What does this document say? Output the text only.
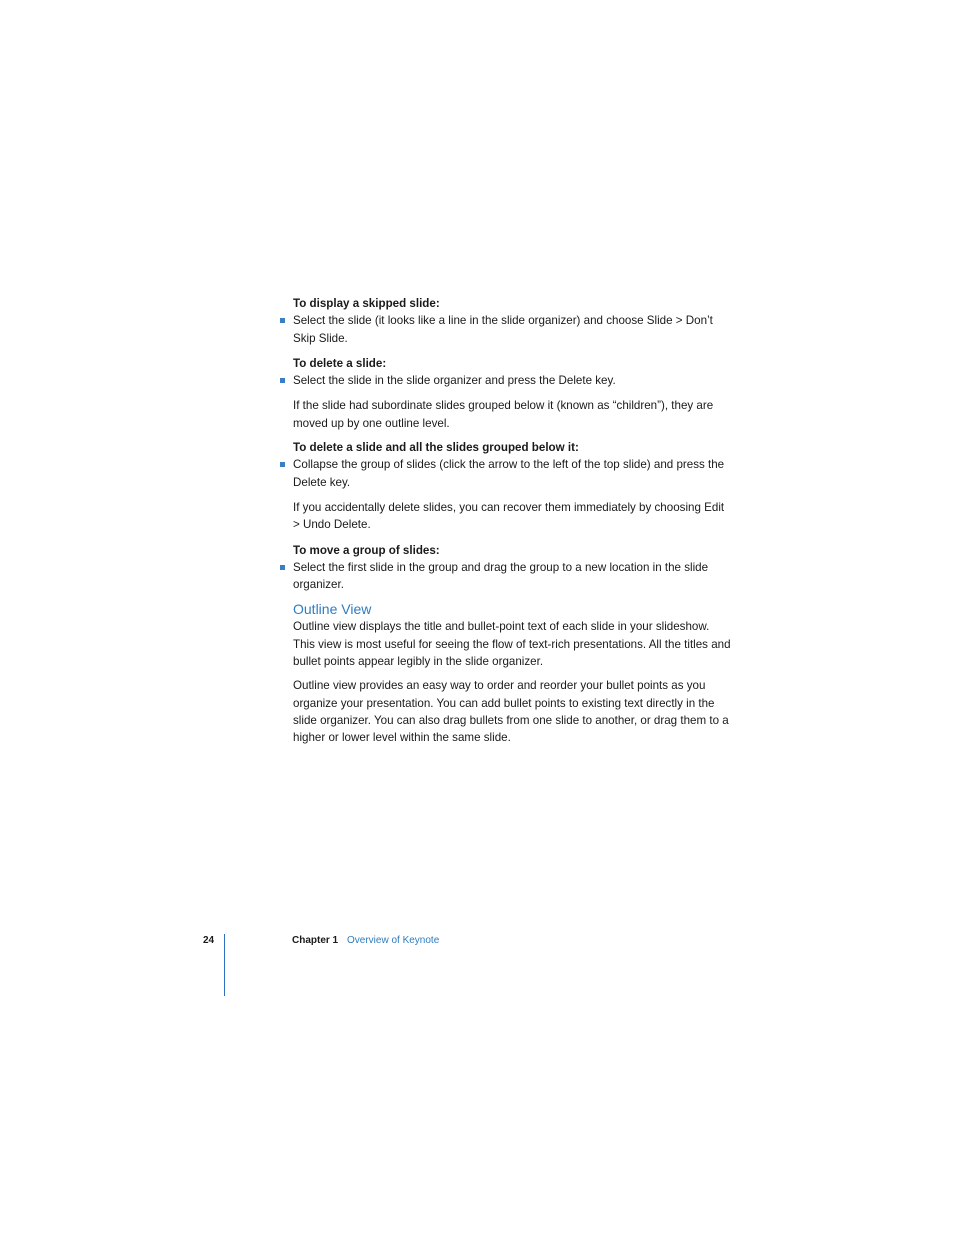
To display a skipped slide:

Select the slide (it looks like a line in the slide organizer) and choose Slide > Don’t Skip Slide.

To delete a slide:

Select the slide in the slide organizer and press the Delete key.

If the slide had subordinate slides grouped below it (known as “children”), they are moved up by one outline level.

To delete a slide and all the slides grouped below it:

Collapse the group of slides (click the arrow to the left of the top slide) and press the Delete key.

If you accidentally delete slides, you can recover them immediately by choosing Edit > Undo Delete.

To move a group of slides:

Select the first slide in the group and drag the group to a new location in the slide organizer.

Outline View

Outline view displays the title and bullet-point text of each slide in your slideshow. This view is most useful for seeing the flow of text-rich presentations. All the titles and bullet points appear legibly in the slide organizer.

Outline view provides an easy way to order and reorder your bullet points as you organize your presentation. You can add bullet points to existing text directly in the slide organizer. You can also drag bullets from one slide to another, or drag them to a higher or lower level within the same slide.

24	Chapter 1 Overview of Keynote
